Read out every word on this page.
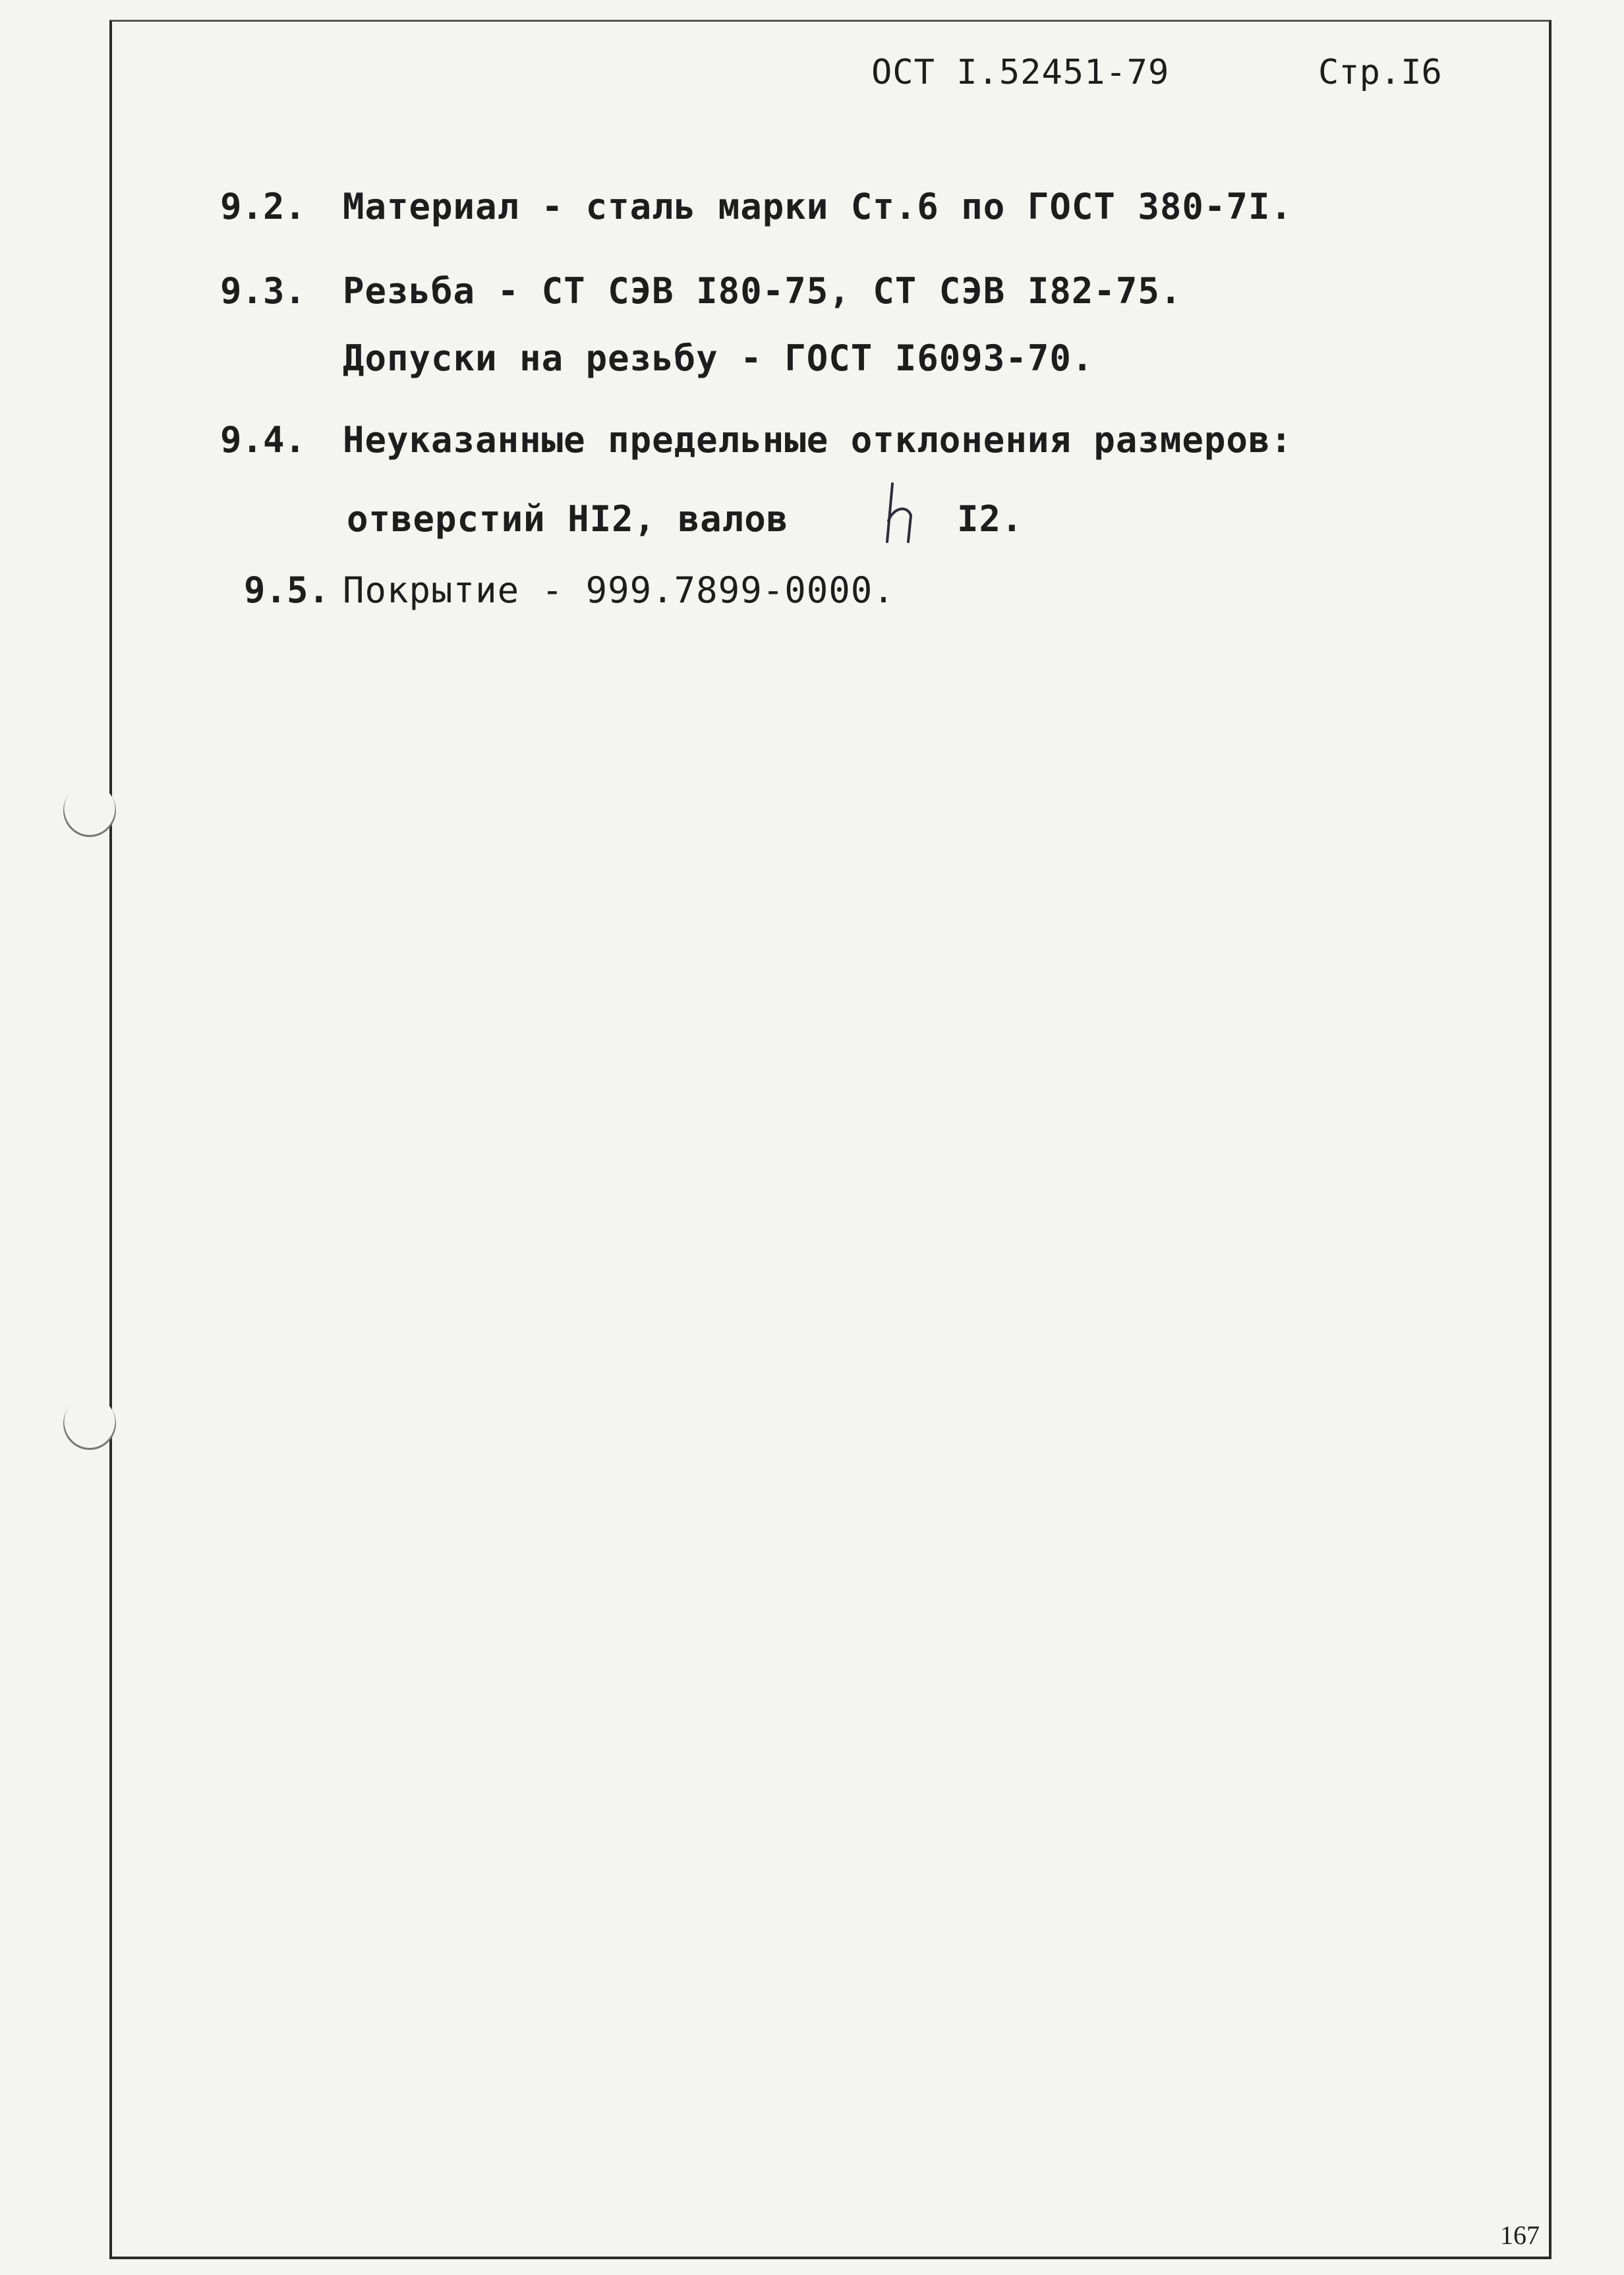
ОСТ I.52451-79	Стр.I6
9.2. Материал - сталь марки Ст.6 по ГОСТ 380-7I.
9.3. Резьба - СТ СЭВ I80-75, СТ СЭВ I82-75.
Допуски на резьбу - ГОСТ I6093-70.
9.4. Неуказанные предельные отклонения размеров:
отверстий HI2, валов	I2.
9.5. Покрытие - 999.7899-0000.
167
